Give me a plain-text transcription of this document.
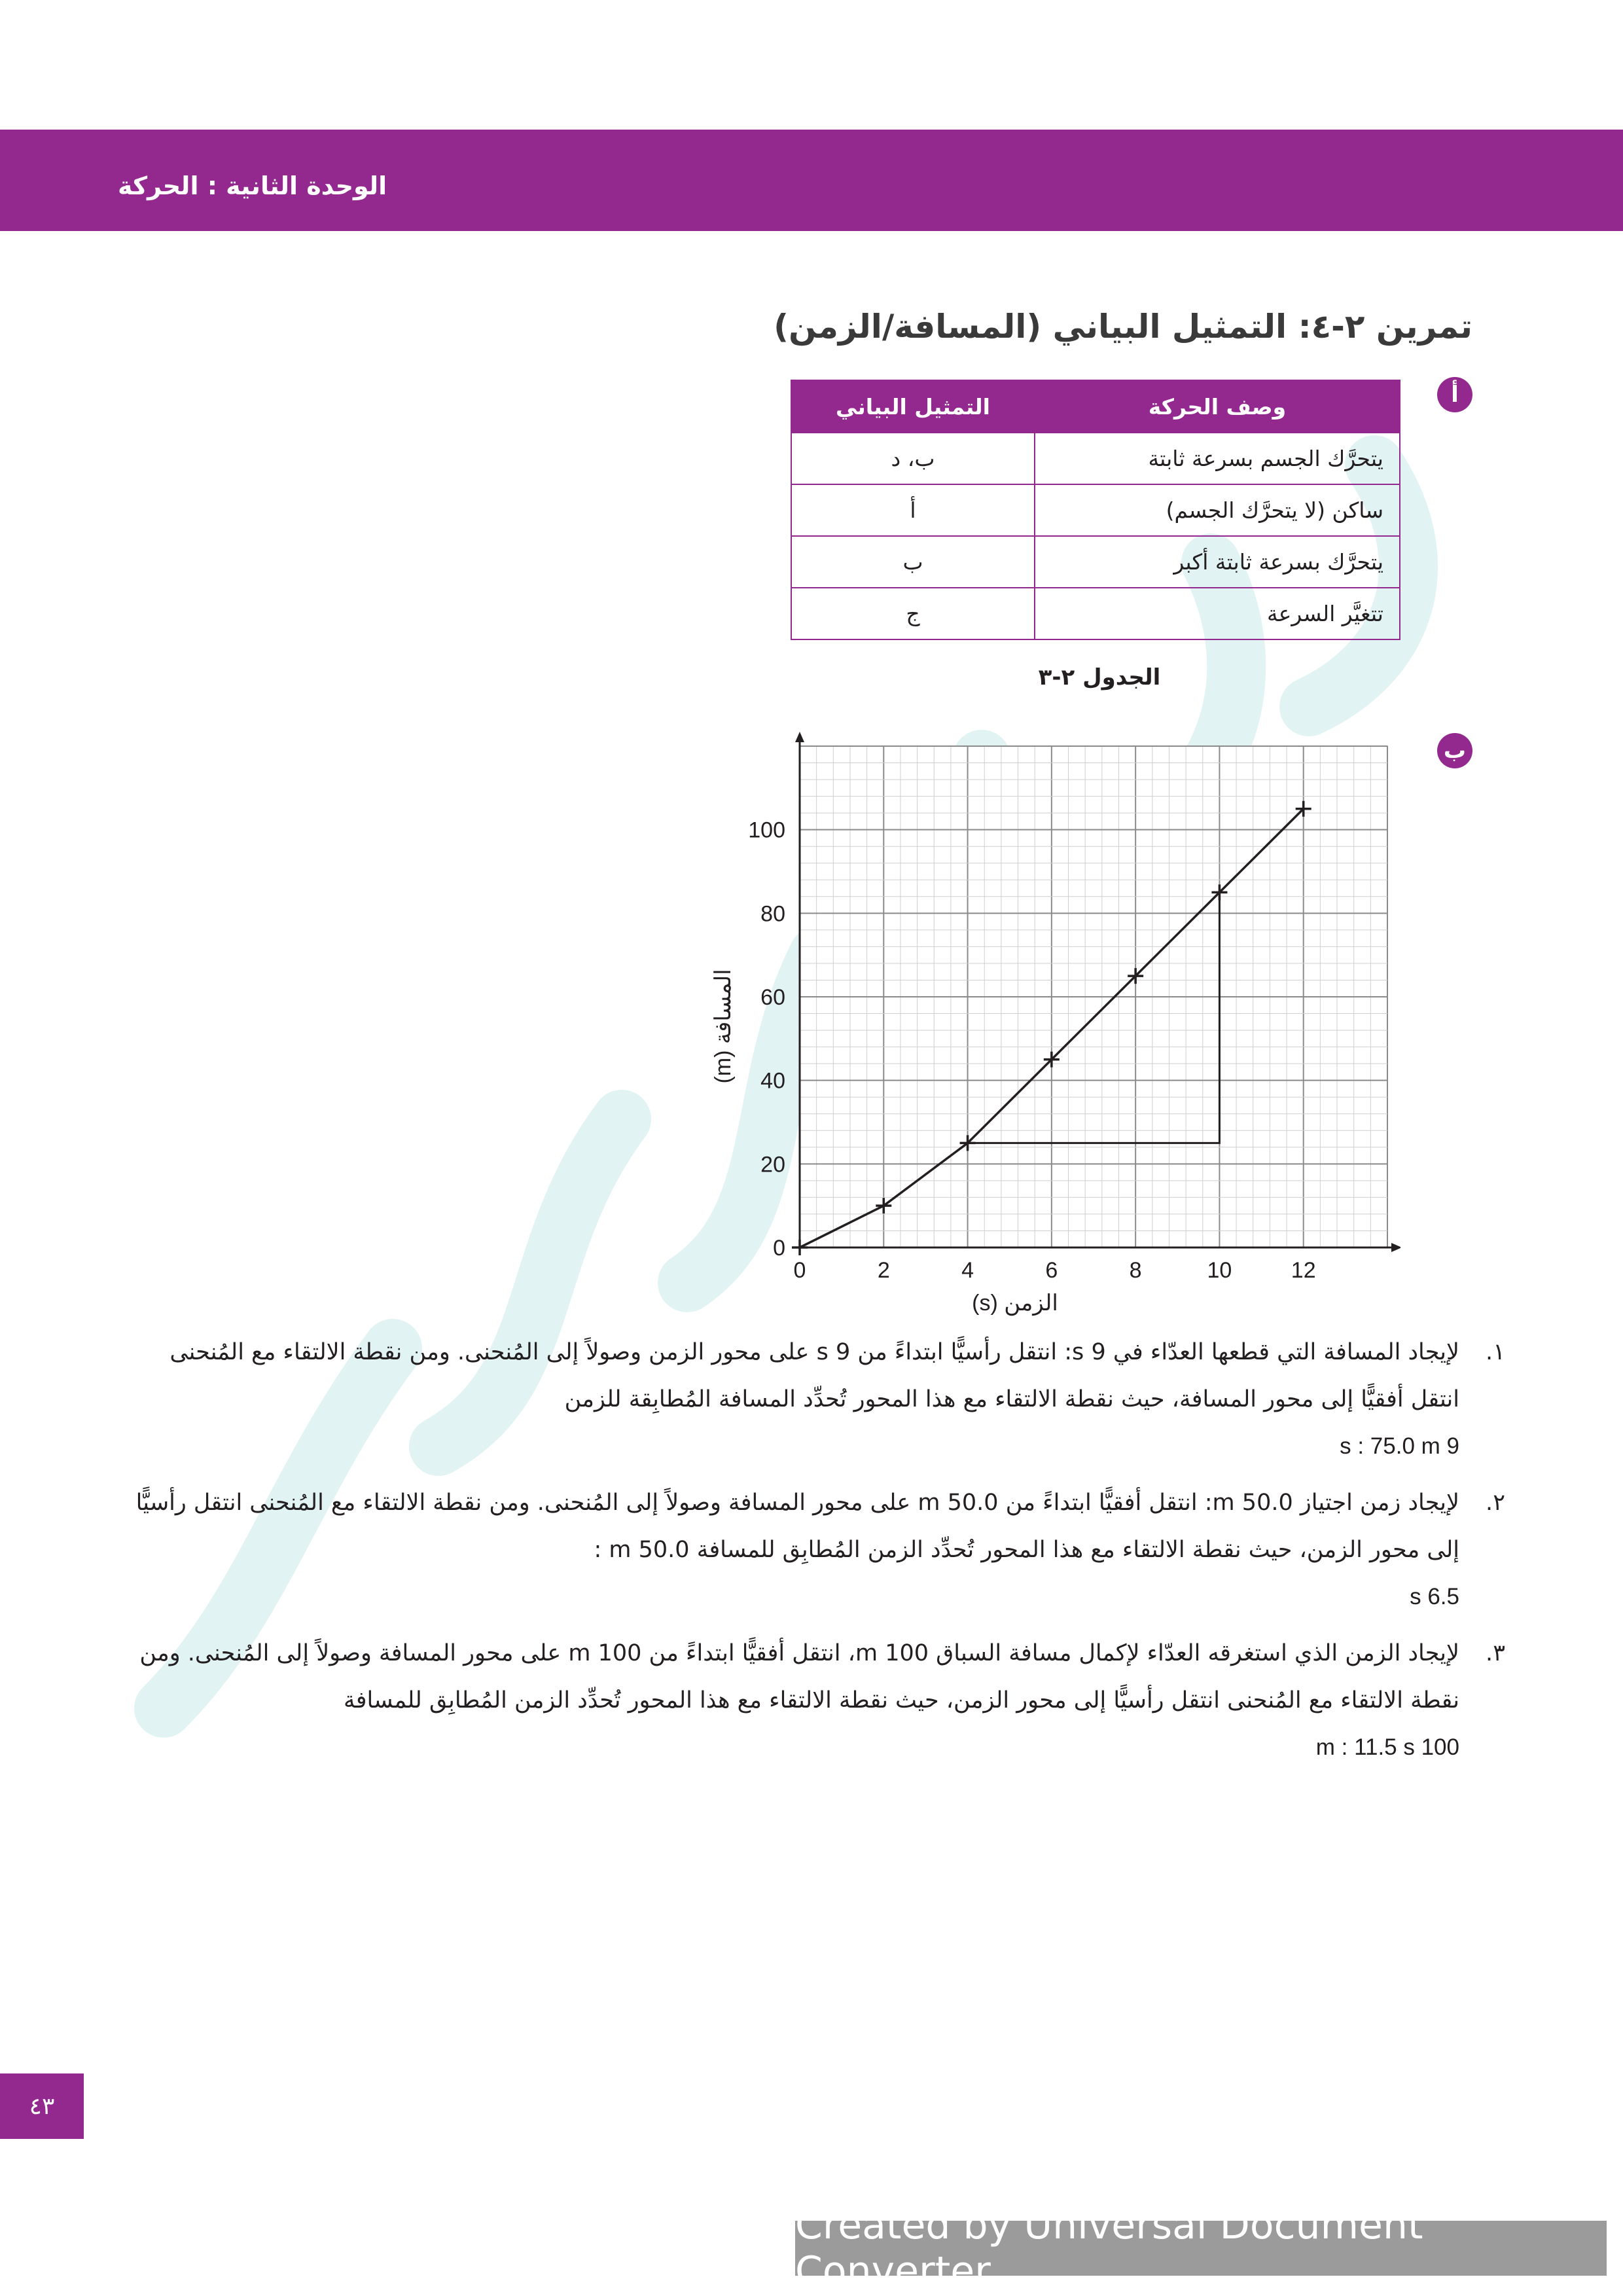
الوحدة الثانية : الحركة
تمرين ٢-٤: التمثيل البياني (المسافة/الزمن)
أ
وصف الحركة	التمثيل البياني
يتحرَّك الجسم بسرعة ثابتة	ب، د
ساكن (لا يتحرَّك الجسم)	أ
يتحرَّك بسرعة ثابتة أكبر	ب
تتغيَّر السرعة	ج
الجدول ٢-٣
ب
0	2	4	6	8	10	12
0
20
40
60
80
100
الزمن (s)
المسافة (m)
١.
لإيجاد المسافة التي قطعها العدّاء في 9 s: انتقل رأسيًّا ابتداءً من 9 s على محور الزمن وصولاً إلى المُنحنى. ومن نقطة الالتقاء مع المُنحنى انتقل أفقيًّا إلى محور المسافة، حيث نقطة الالتقاء مع هذا المحور تُحدِّد المسافة المُطابِقة للزمن
9 s : 75.0 m
٢.
لإيجاد زمن اجتياز 50.0 m: انتقل أفقيًّا ابتداءً من 50.0 m على محور المسافة وصولاً إلى المُنحنى. ومن نقطة الالتقاء مع المُنحنى انتقل رأسيًّا إلى محور الزمن، حيث نقطة الالتقاء مع هذا المحور تُحدِّد الزمن المُطابِق للمسافة 50.0 m :
6.5 s
٣.
لإيجاد الزمن الذي استغرقه العدّاء لإكمال مسافة السباق 100 m، انتقل أفقيًّا ابتداءً من 100 m على محور المسافة وصولاً إلى المُنحنى. ومن نقطة الالتقاء مع المُنحنى انتقل رأسيًّا إلى محور الزمن، حيث نقطة الالتقاء مع هذا المحور تُحدِّد الزمن المُطابِق للمسافة
100 m : 11.5 s
٤٣
Created by Universal Document Converter
